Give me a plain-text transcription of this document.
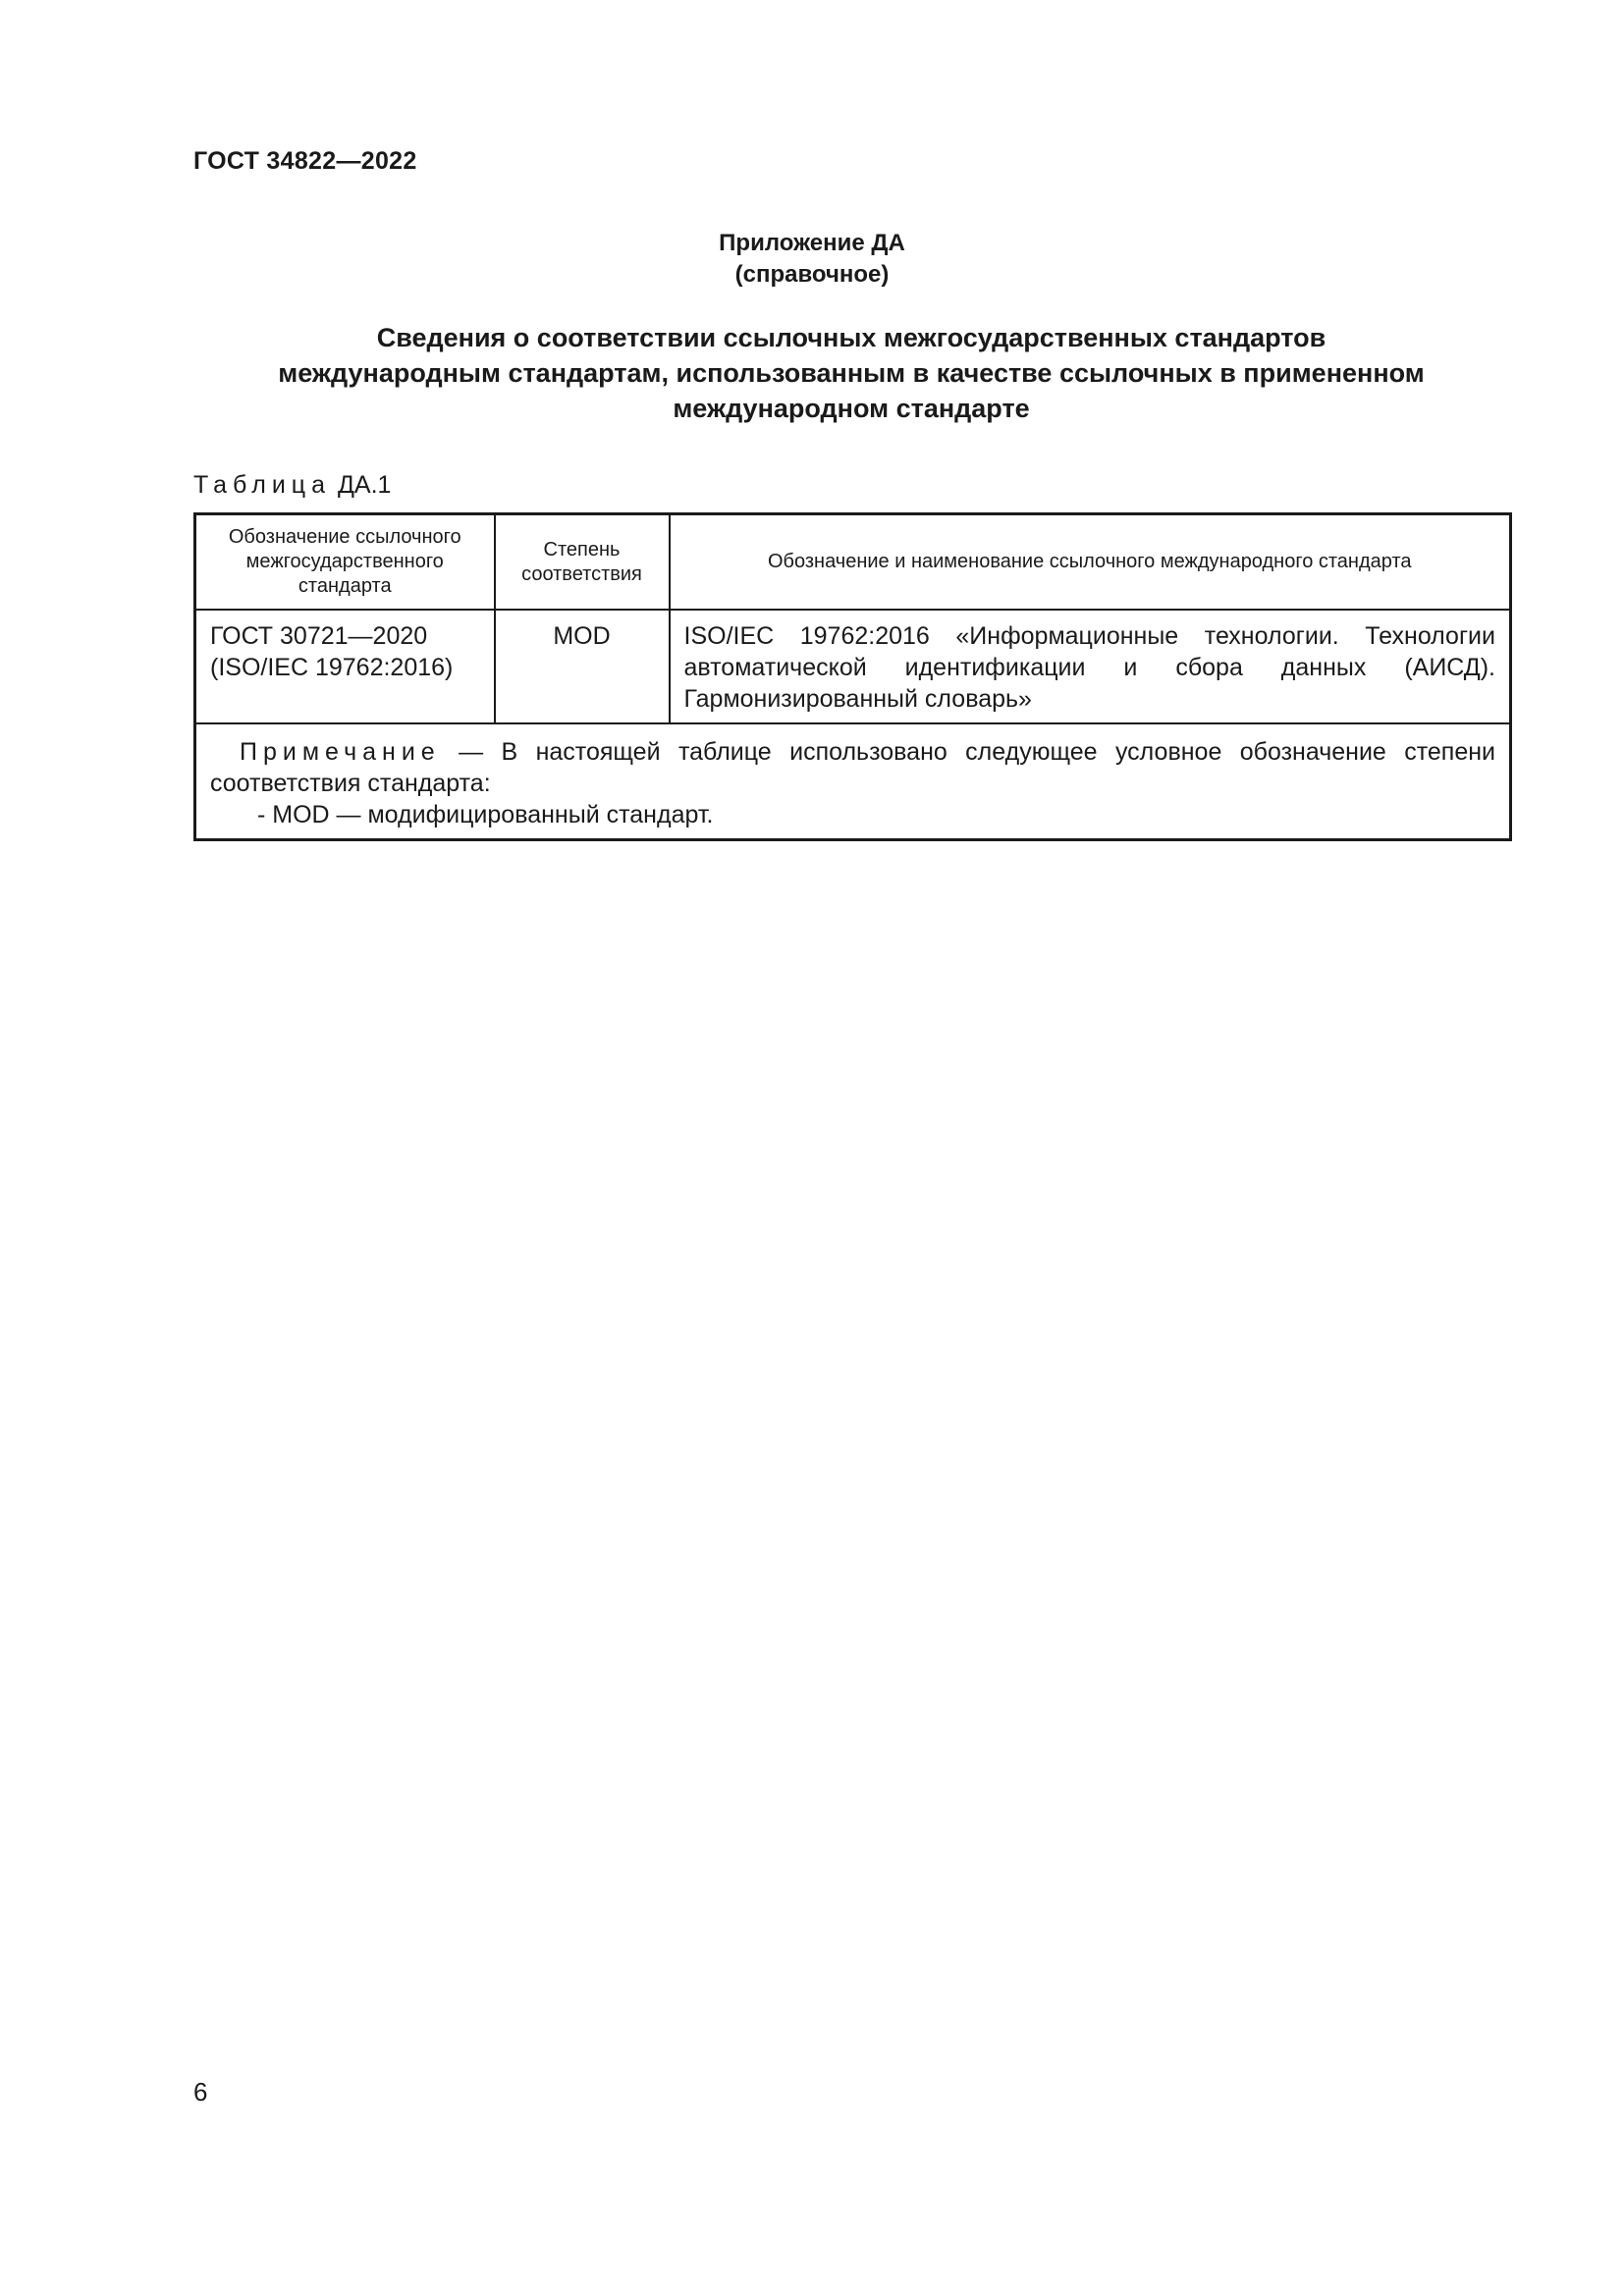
ГОСТ 34822—2022
Приложение ДА
(справочное)
Сведения о соответствии ссылочных межгосударственных стандартов
международным стандартам, использованным в качестве ссылочных в примененном
международном стандарте
Таблица ДА.1
Обозначение ссылочного межгосударственного стандарта	Степень соответствия	Обозначение и наименование ссылочного международного стандарта

ГОСТ 30721—2020
(ISO/IEC 19762:2016)	MOD	ISO/IEC 19762:2016 «Информационные технологии. Технологии автоматической идентификации и сбора данных (АИСД). Гармонизированный словарь»
Примечание — В настоящей таблице использовано следующее условное обозначение степени соответствия стандарта:
- MOD — модифицированный стандарт.		
6
